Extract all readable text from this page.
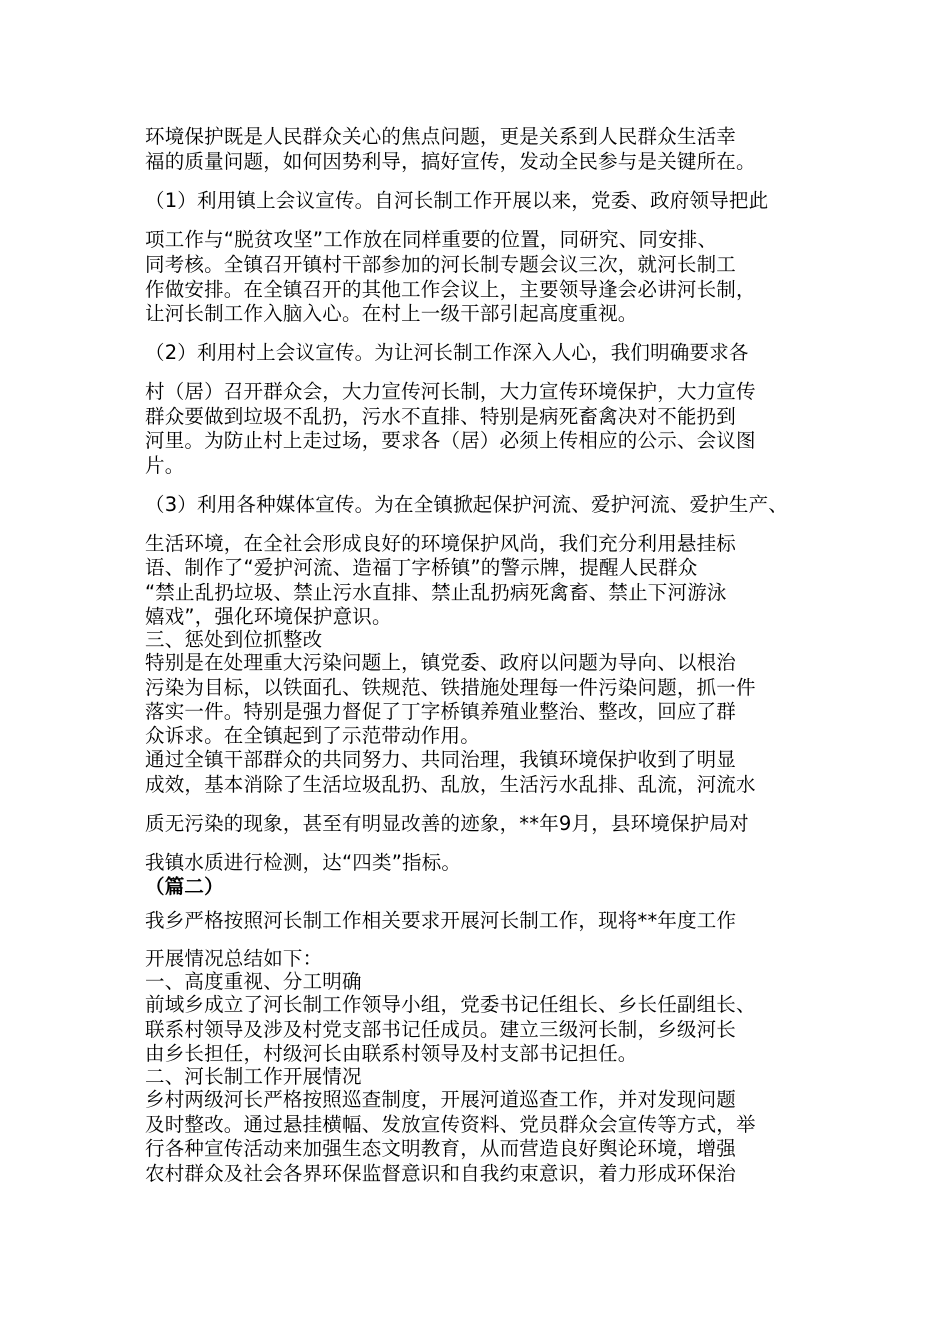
环境保护既是人民群众关心的焦点问题，更是关系到人民群众生活幸
福的质量问题，如何因势利导，搞好宣传，发动全民参与是关键所在。
（1）利用镇上会议宣传。自河长制工作开展以来，党委、政府领导把此
项工作与“脱贫攻坚”工作放在同样重要的位置，同研究、同安排、
同考核。全镇召开镇村干部参加的河长制专题会议三次，就河长制工
作做安排。在全镇召开的其他工作会议上，主要领导逢会必讲河长制，
让河长制工作入脑入心。在村上一级干部引起高度重视。
（2）利用村上会议宣传。为让河长制工作深入人心，我们明确要求各
村（居）召开群众会，大力宣传河长制，大力宣传环境保护，大力宣传
群众要做到垃圾不乱扔，污水不直排、特别是病死畜禽决对不能扔到
河里。为防止村上走过场，要求各（居）必须上传相应的公示、会议图
片。
（3）利用各种媒体宣传。为在全镇掀起保护河流、爱护河流、爱护生产、
生活环境，在全社会形成良好的环境保护风尚，我们充分利用悬挂标
语、制作了“爱护河流、造福丁字桥镇”的警示牌，提醒人民群众
“禁止乱扔垃圾、禁止污水直排、禁止乱扔病死禽畜、禁止下河游泳
嬉戏”，强化环境保护意识。
三、惩处到位抓整改
特别是在处理重大污染问题上，镇党委、政府以问题为导向、以根治
污染为目标，以铁面孔、铁规范、铁措施处理每一件污染问题，抓一件
落实一件。特别是强力督促了丁字桥镇养殖业整治、整改，回应了群
众诉求。在全镇起到了示范带动作用。
通过全镇干部群众的共同努力、共同治理，我镇环境保护收到了明显
成效，基本消除了生活垃圾乱扔、乱放，生活污水乱排、乱流，河流水
质无污染的现象，甚至有明显改善的迹象，**年9月，县环境保护局对
我镇水质进行检测，达“四类”指标。
（篇二）
我乡严格按照河长制工作相关要求开展河长制工作，现将**年度工作
开展情况总结如下：
一、高度重视、分工明确
前域乡成立了河长制工作领导小组，党委书记任组长、乡长任副组长、
联系村领导及涉及村党支部书记任成员。建立三级河长制，乡级河长
由乡长担任，村级河长由联系村领导及村支部书记担任。
二、河长制工作开展情况
乡村两级河长严格按照巡查制度，开展河道巡查工作，并对发现问题
及时整改。通过悬挂横幅、发放宣传资料、党员群众会宣传等方式，举
行各种宣传活动来加强生态文明教育，从而营造良好舆论环境，增强
农村群众及社会各界环保监督意识和自我约束意识，着力形成环保治
